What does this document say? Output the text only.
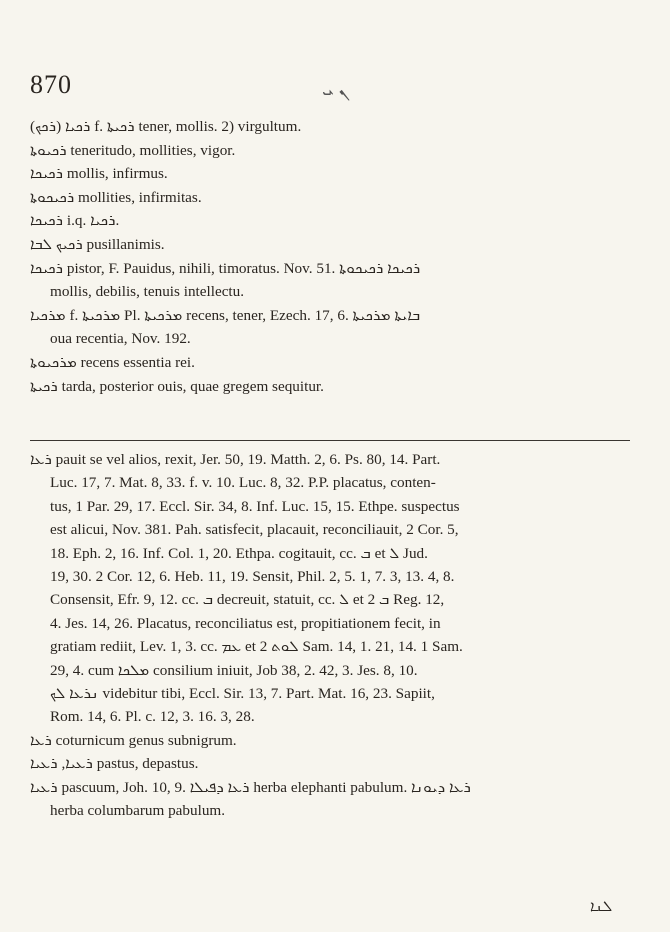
870	ܢ ܝ
(ܪܟܟ) ܪܟܝܐ f. ܪܟܝܬܐ tener, mollis. 2) virgultum.
ܪܟܝܘܬܐ teneritudo, mollities, vigor.
ܪܟܝܟܐ mollis, infirmus.
ܪܟܝܟܘܬܐ mollities, infirmitas.
ܪܟܝܟܐ i.q. ܪܟܝܐ.
ܪܟܝܟ ܠܒܐ pusillanimis.
ܪܟܝܟܐ pistor, F. Pauidus, nihili, timoratus. Nov. 51. ܪܟܝܟܐ ܪܟܝܟܘܬܐ
mollis, debilis, tenuis intellectu.
ܡܪܟܝܐ f. ܡܪܟܝܬܐ Pl. ܡܪܟܝܬܐ recens, tener, Ezech. 17, 6. ܒܐܝܬܐ ܡܪܟܝܬܐ
oua recentia, Nov. 192.
ܡܪܟܝܘܬܐ recens essentia rei.
ܪܟܝܬܐ tarda, posterior ouis, quae gregem sequitur.
ܪܥܐ pauit se vel alios, rexit, Jer. 50, 19. Matth. 2, 6. Ps. 80, 14. Part.
Luc. 17, 7. Mat. 8, 33. f. v. 10. Luc. 8, 32. P.P. placatus, conten-
tus, 1 Par. 29, 17. Eccl. Sir. 34, 8. Inf. Luc. 15, 15. Ethpe. suspectus
est alicui, Nov. 381. Pah. satisfecit, placauit, reconciliauit, 2 Cor. 5,
18. Eph. 2, 16. Inf. Col. 1, 20. Ethpa. cogitauit, cc. ܒ et ܠ Jud.
19, 30. 2 Cor. 12, 6. Heb. 11, 19. Sensit, Phil. 2, 5. 1, 7. 3, 13. 4, 8.
Consensit, Efr. 9, 12. cc. ܒ decreuit, statuit, cc. ܠ et ܒ 2 Reg. 12,
4. Jes. 14, 26. Placatus, reconciliatus est, propitiationem fecit, in
gratiam rediit, Lev. 1, 3. cc. ܥܡ et ܠܘܬ 2 Sam. 14, 1. 21, 14. 1 Sam.
29, 4. cum ܡܠܟܐ consilium iniuit, Job 38, 2. 42, 3. Jes. 8, 10.
ܢܪܥܐ ܠܟ videbitur tibi, Eccl. Sir. 13, 7. Part. Mat. 16, 23. Sapiit,
Rom. 14, 6. Pl. c. 12, 3. 16. 3, 28.
ܪܥܐ coturnicum genus subnigrum.
ܪܥܝܐ, ܪܥܝܐ pastus, depastus.
ܪܥܝܐ pascuum, Joh. 10, 9. ܪܥܐ ܕܦܝܠܐ herba elephanti pabulum. ܪܥܐ ܕܝܘܢܐ
herba columbarum pabulum.
ܠܢܐ
